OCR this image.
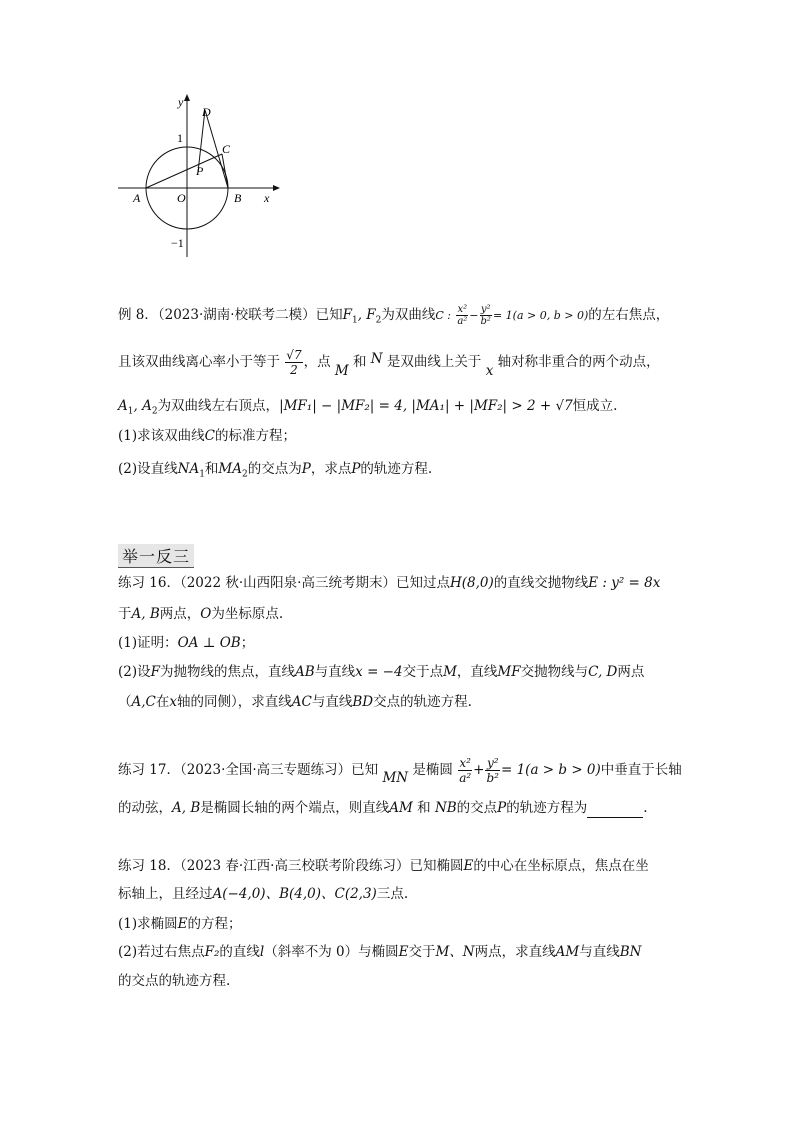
y
x
D
C
P
1
−1
A	O	B
例 8．（2023·湖南·校联考二模）已知$F_1$, $F_2$为双曲线C : $\frac{\text{x²}}{\text{a²}} - \frac{\text{y²}}{\text{b²}} = 1(a > 0$, b > 0)的左右焦点，
且该双曲线离心率小于等于 $\frac{√7}{2}$ ，点 M 和 N 是双曲线上关于 x 轴对称非重合的两个动点，
$A_1$, $A_2$为双曲线左右顶点，|MF₁| − |MF₂| = 4, |MA₁| + |MF₂| > 2 + √7恒成立.
(1)求该双曲线C的标准方程；
(2)设直线$NA_1$和$MA_2$的交点为P，求点P的轨迹方程.
举一反三
练习 16．（2022 秋·山西阳泉·高三统考期末）已知过点H(8,0)的直线交抛物线E : y² = 8x
于A, B两点，O为坐标原点.
(1)证明：OA ⊥ OB；
(2)设F为抛物线的焦点，直线AB与直线x = −4交于点M，直线MF交抛物线与C, D两点
（A,C在x轴的同侧），求直线AC与直线BD交点的轨迹方程.
练习 17．（2023·全国·高三专题练习）已知 MN 是椭圆 $\frac{\text{x²}}{\text{a²}} + \frac{\text{y²}}{\text{b²}} = 1(a > b > 0)$中垂直于长轴
的动弦，A, B是椭圆长轴的两个端点，则直线AM 和 NB的交点P的轨迹方程为	.
练习 18．（2023 春·江西·高三校联考阶段练习）已知椭圆E的中心在坐标原点，焦点在坐
标轴上，且经过A(−4,0)、B(4,0)、C(2,3)三点.
(1)求椭圆E的方程；
(2)若过右焦点F₂的直线l（斜率不为 0）与椭圆E交于M、N两点，求直线AM与直线BN
的交点的轨迹方程.
